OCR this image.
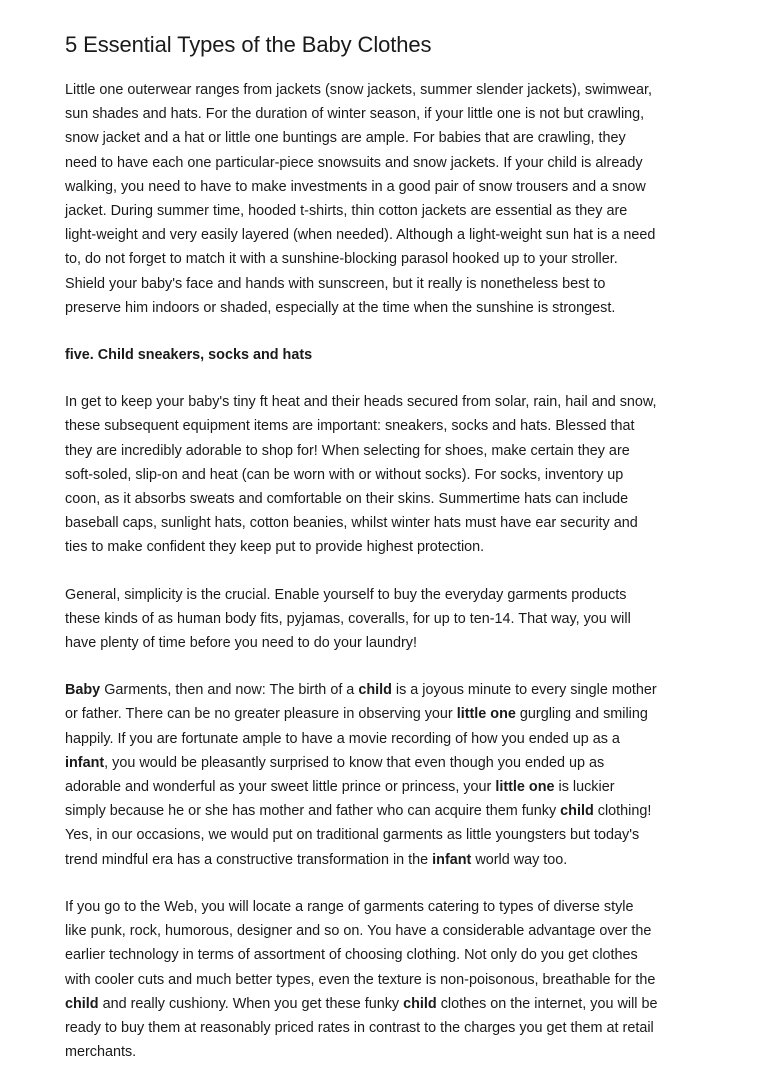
5 Essential Types of the Baby Clothes

Little one outerwear ranges from jackets (snow jackets, summer slender jackets), swimwear,
sun shades and hats. For the duration of winter season, if your little one is not but crawling,
snow jacket and a hat or little one buntings are ample. For babies that are crawling, they
need to have each one particular-piece snowsuits and snow jackets. If your child is already
walking, you need to have to make investments in a good pair of snow trousers and a snow
jacket. During summer time, hooded t-shirts, thin cotton jackets are essential as they are
light-weight and very easily layered (when needed). Although a light-weight sun hat is a need
to, do not forget to match it with a sunshine-blocking parasol hooked up to your stroller.
Shield your baby's face and hands with sunscreen, but it really is nonetheless best to
preserve him indoors or shaded, especially at the time when the sunshine is strongest.

five. Child sneakers, socks and hats

In get to keep your baby's tiny ft heat and their heads secured from solar, rain, hail and snow,
these subsequent equipment items are important: sneakers, socks and hats. Blessed that
they are incredibly adorable to shop for! When selecting for shoes, make certain they are
soft-soled, slip-on and heat (can be worn with or without socks). For socks, inventory up
coon, as it absorbs sweats and comfortable on their skins. Summertime hats can include
baseball caps, sunlight hats, cotton beanies, whilst winter hats must have ear security and
ties to make confident they keep put to provide highest protection.

General, simplicity is the crucial. Enable yourself to buy the everyday garments products
these kinds of as human body fits, pyjamas, coveralls, for up to ten-14. That way, you will
have plenty of time before you need to do your laundry!

Baby Garments, then and now: The birth of a child is a joyous minute to every single mother
or father. There can be no greater pleasure in observing your little one gurgling and smiling
happily. If you are fortunate ample to have a movie recording of how you ended up as a
infant, you would be pleasantly surprised to know that even though you ended up as
adorable and wonderful as your sweet little prince or princess, your little one is luckier
simply because he or she has mother and father who can acquire them funky child clothing!
Yes, in our occasions, we would put on traditional garments as little youngsters but today's
trend mindful era has a constructive transformation in the infant world way too.

If you go to the Web, you will locate a range of garments catering to types of diverse style
like punk, rock, humorous, designer and so on. You have a considerable advantage over the
earlier technology in terms of assortment of choosing clothing. Not only do you get clothes
with cooler cuts and much better types, even the texture is non-poisonous, breathable for the
child and really cushiony. When you get these funky child clothes on the internet, you will be
ready to buy them at reasonably priced rates in contrast to the charges you get them at retail
merchants.
